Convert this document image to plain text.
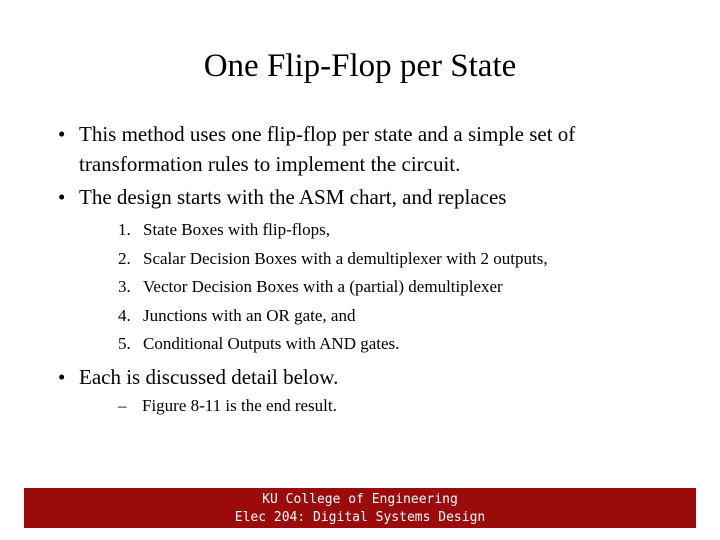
One Flip-Flop per State
• This method uses one flip-flop per state and a simple set of
transformation rules to implement the circuit.
• The design starts with the ASM chart, and replaces
1. State Boxes with flip-flops,
2. Scalar Decision Boxes with a demultiplexer with 2 outputs,
3. Vector Decision Boxes with a (partial) demultiplexer
4. Junctions with an OR gate, and
5. Conditional Outputs with AND gates.
• Each is discussed detail below.
– Figure 8-11 is the end result.
KU College of Engineering
Elec 204: Digital Systems Design
